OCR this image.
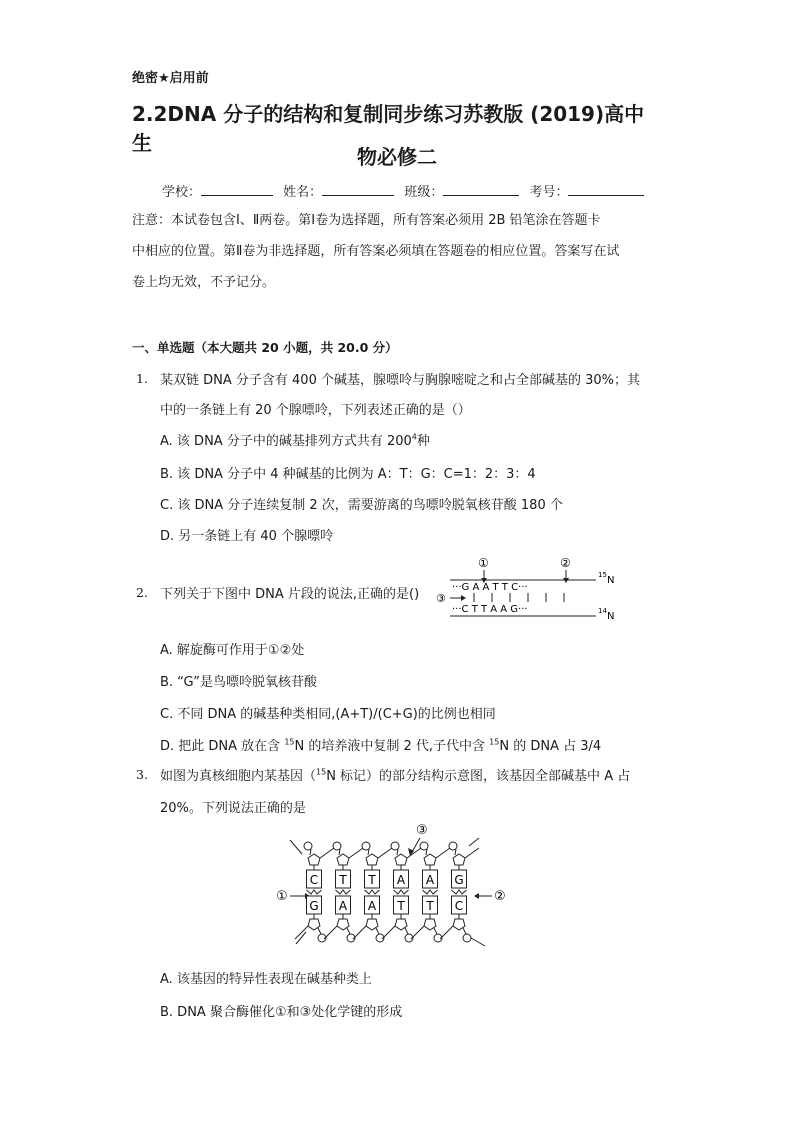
绝密★启用前
2.2DNA 分子的结构和复制同步练习苏教版 (2019)高中生
物必修二
学校：	姓名：	班级：	考号：
注意：本试卷包含Ⅰ、Ⅱ两卷。第Ⅰ卷为选择题，所有答案必须用 2B 铅笔涂在答题卡
中相应的位置。第Ⅱ卷为非选择题，所有答案必须填在答题卷的相应位置。答案写在试
卷上均无效，不予记分。
一、单选题（本大题共 20 小题，共 20.0 分）
1. 某双链 DNA 分子含有 400 个碱基，腺嘌呤与胸腺嘧啶之和占全部碱基的 30%；其
中的一条链上有 20 个腺嘌呤，下列表述正确的是（）
A. 该 DNA 分子中的碱基排列方式共有 $200^4$种
B. 该 DNA 分子中 4 种碱基的比例为 A：T：G：C=1：2：3：4
C. 该 DNA 分子连续复制 2 次，需要游离的鸟嘌呤脱氧核苷酸 180 个
D. 另一条链上有 40 个腺嘌呤
2. 下列关于下图中 DNA 片段的说法,正确的是()
①	②
···G A A T T C···
③
···C T T A A G···
15 N
14 N
A. 解旋酶可作用于①②处
B. “G”是鸟嘌呤脱氧核苷酸
C. 不同 DNA 的碱基种类相同,(A+T)/(C+G)的比例也相同
D. 把此 DNA 放在含 $^{15}$N 的培养液中复制 2 代,子代中含 $^{15}$N 的 DNA 占 3/4
3. 如图为真核细胞内某基因（$^{15}$N 标记）的部分结构示意图，该基因全部碱基中 A 占
20%。下列说法正确的是
③
①	②
C
G
T
A
T
A
A
T
A
T
G
C
A. 该基因的特异性表现在碱基种类上
B. DNA 聚合酶催化①和③处化学键的形成
